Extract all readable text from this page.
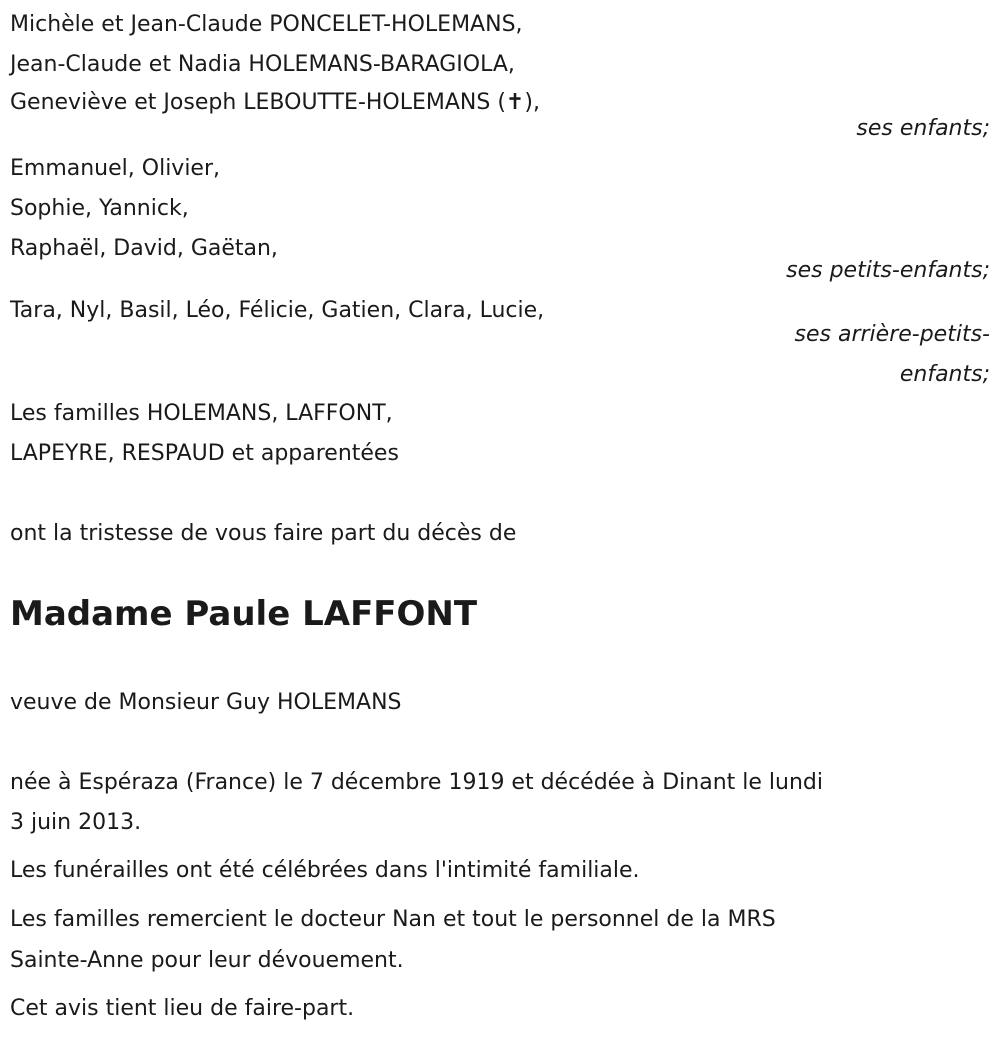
Michèle et Jean-Claude PONCELET-HOLEMANS,
Jean-Claude et Nadia HOLEMANS-BARAGIOLA,
Geneviève et Joseph LEBOUTTE-HOLEMANS (✝),
ses enfants;
Emmanuel, Olivier,
Sophie, Yannick,
Raphaël, David, Gaëtan,
ses petits-enfants;
Tara, Nyl, Basil, Léo, Félicie, Gatien, Clara, Lucie,
ses arrière-petits-
enfants;
Les familles HOLEMANS, LAFFONT,
LAPEYRE, RESPAUD et apparentées
ont la tristesse de vous faire part du décès de
Madame Paule LAFFONT
veuve de Monsieur Guy HOLEMANS
née à Espéraza (France) le 7 décembre 1919 et décédée à Dinant le lundi
3 juin 2013.
Les funérailles ont été célébrées dans l'intimité familiale.
Les familles remercient le docteur Nan et tout le personnel de la MRS
Sainte-Anne pour leur dévouement.
Cet avis tient lieu de faire-part.
